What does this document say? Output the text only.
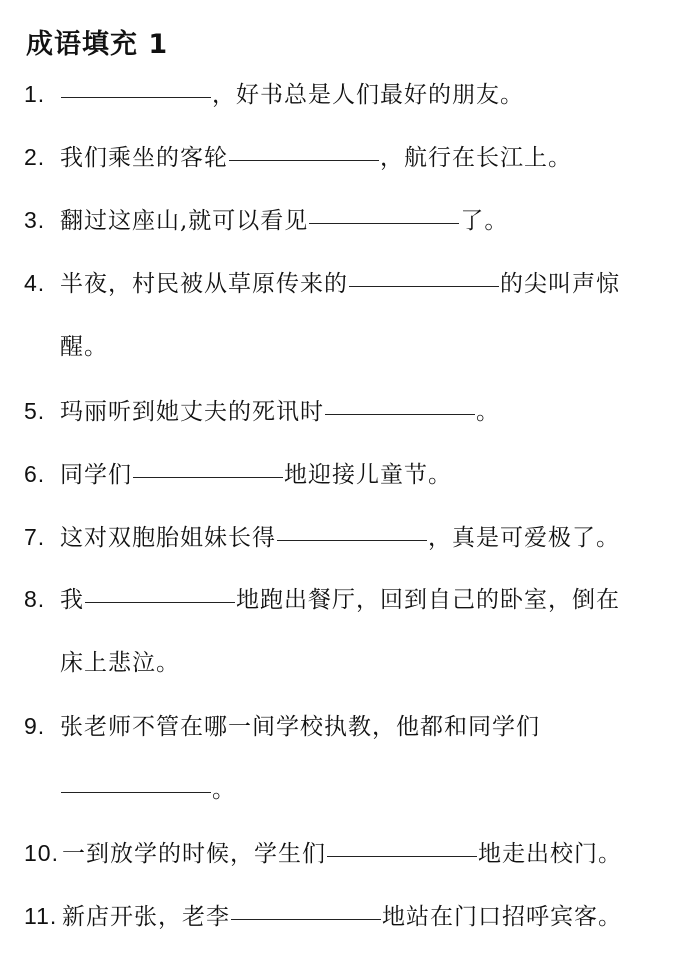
成语填充 1
1.	，好书总是人们最好的朋友。
2. 我们乘坐的客轮	，航行在长江上。
3. 翻过这座山,就可以看见	了。
4. 半夜，村民被从草原传来的	的尖叫声惊
醒。
5. 玛丽听到她丈夫的死讯时	。
6. 同学们	地迎接儿童节。
7. 这对双胞胎姐妹长得	，真是可爱极了。
8. 我	地跑出餐厅，回到自己的卧室，倒在
床上悲泣。
9. 张老师不管在哪一间学校执教，他都和同学们
。
10. 一到放学的时候，学生们	地走出校门。
11. 新店开张，老李	地站在门口招呼宾客。
